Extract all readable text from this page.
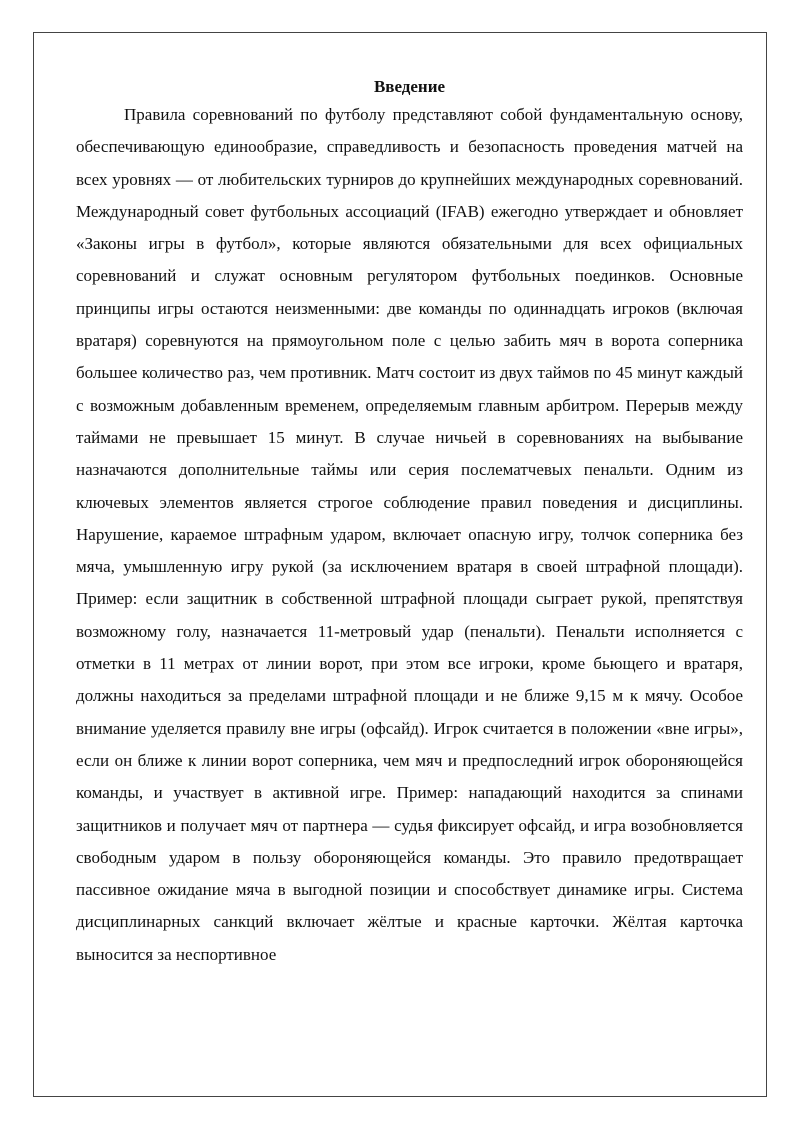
Введение

Правила соревнований по футболу представляют собой фундаментальную основу, обеспечивающую единообразие, справедливость и безопасность проведения матчей на всех уровнях — от любительских турниров до крупнейших международных соревнований. Международный совет футбольных ассоциаций (IFAB) ежегодно утверждает и обновляет «Законы игры в футбол», которые являются обязательными для всех официальных соревнований и служат основным регулятором футбольных поединков. Основные принципы игры остаются неизменными: две команды по одиннадцать игроков (включая вратаря) соревнуются на прямоугольном поле с целью забить мяч в ворота соперника большее количество раз, чем противник. Матч состоит из двух таймов по 45 минут каждый с возможным добавленным временем, определяемым главным арбитром. Перерыв между таймами не превышает 15 минут. В случае ничьей в соревнованиях на выбывание назначаются дополнительные таймы или серия послематчевых пенальти. Одним из ключевых элементов является строгое соблюдение правил поведения и дисциплины. Нарушение, караемое штрафным ударом, включает опасную игру, толчок соперника без мяча, умышленную игру рукой (за исключением вратаря в своей штрафной площади). Пример: если защитник в собственной штрафной площади сыграет рукой, препятствуя возможному голу, назначается 11-метровый удар (пенальти). Пенальти исполняется с отметки в 11 метрах от линии ворот, при этом все игроки, кроме бьющего и вратаря, должны находиться за пределами штрафной площади и не ближе 9,15 м к мячу. Особое внимание уделяется правилу вне игры (офсайд). Игрок считается в положении «вне игры», если он ближе к линии ворот соперника, чем мяч и предпоследний игрок обороняющейся команды, и участвует в активной игре. Пример: нападающий находится за спинами защитников и получает мяч от партнера — судья фиксирует офсайд, и игра возобновляется свободным ударом в пользу обороняющейся команды. Это правило предотвращает пассивное ожидание мяча в выгодной позиции и способствует динамике игры. Система дисциплинарных санкций включает жёлтые и красные карточки. Жёлтая карточка выносится за неспортивное
